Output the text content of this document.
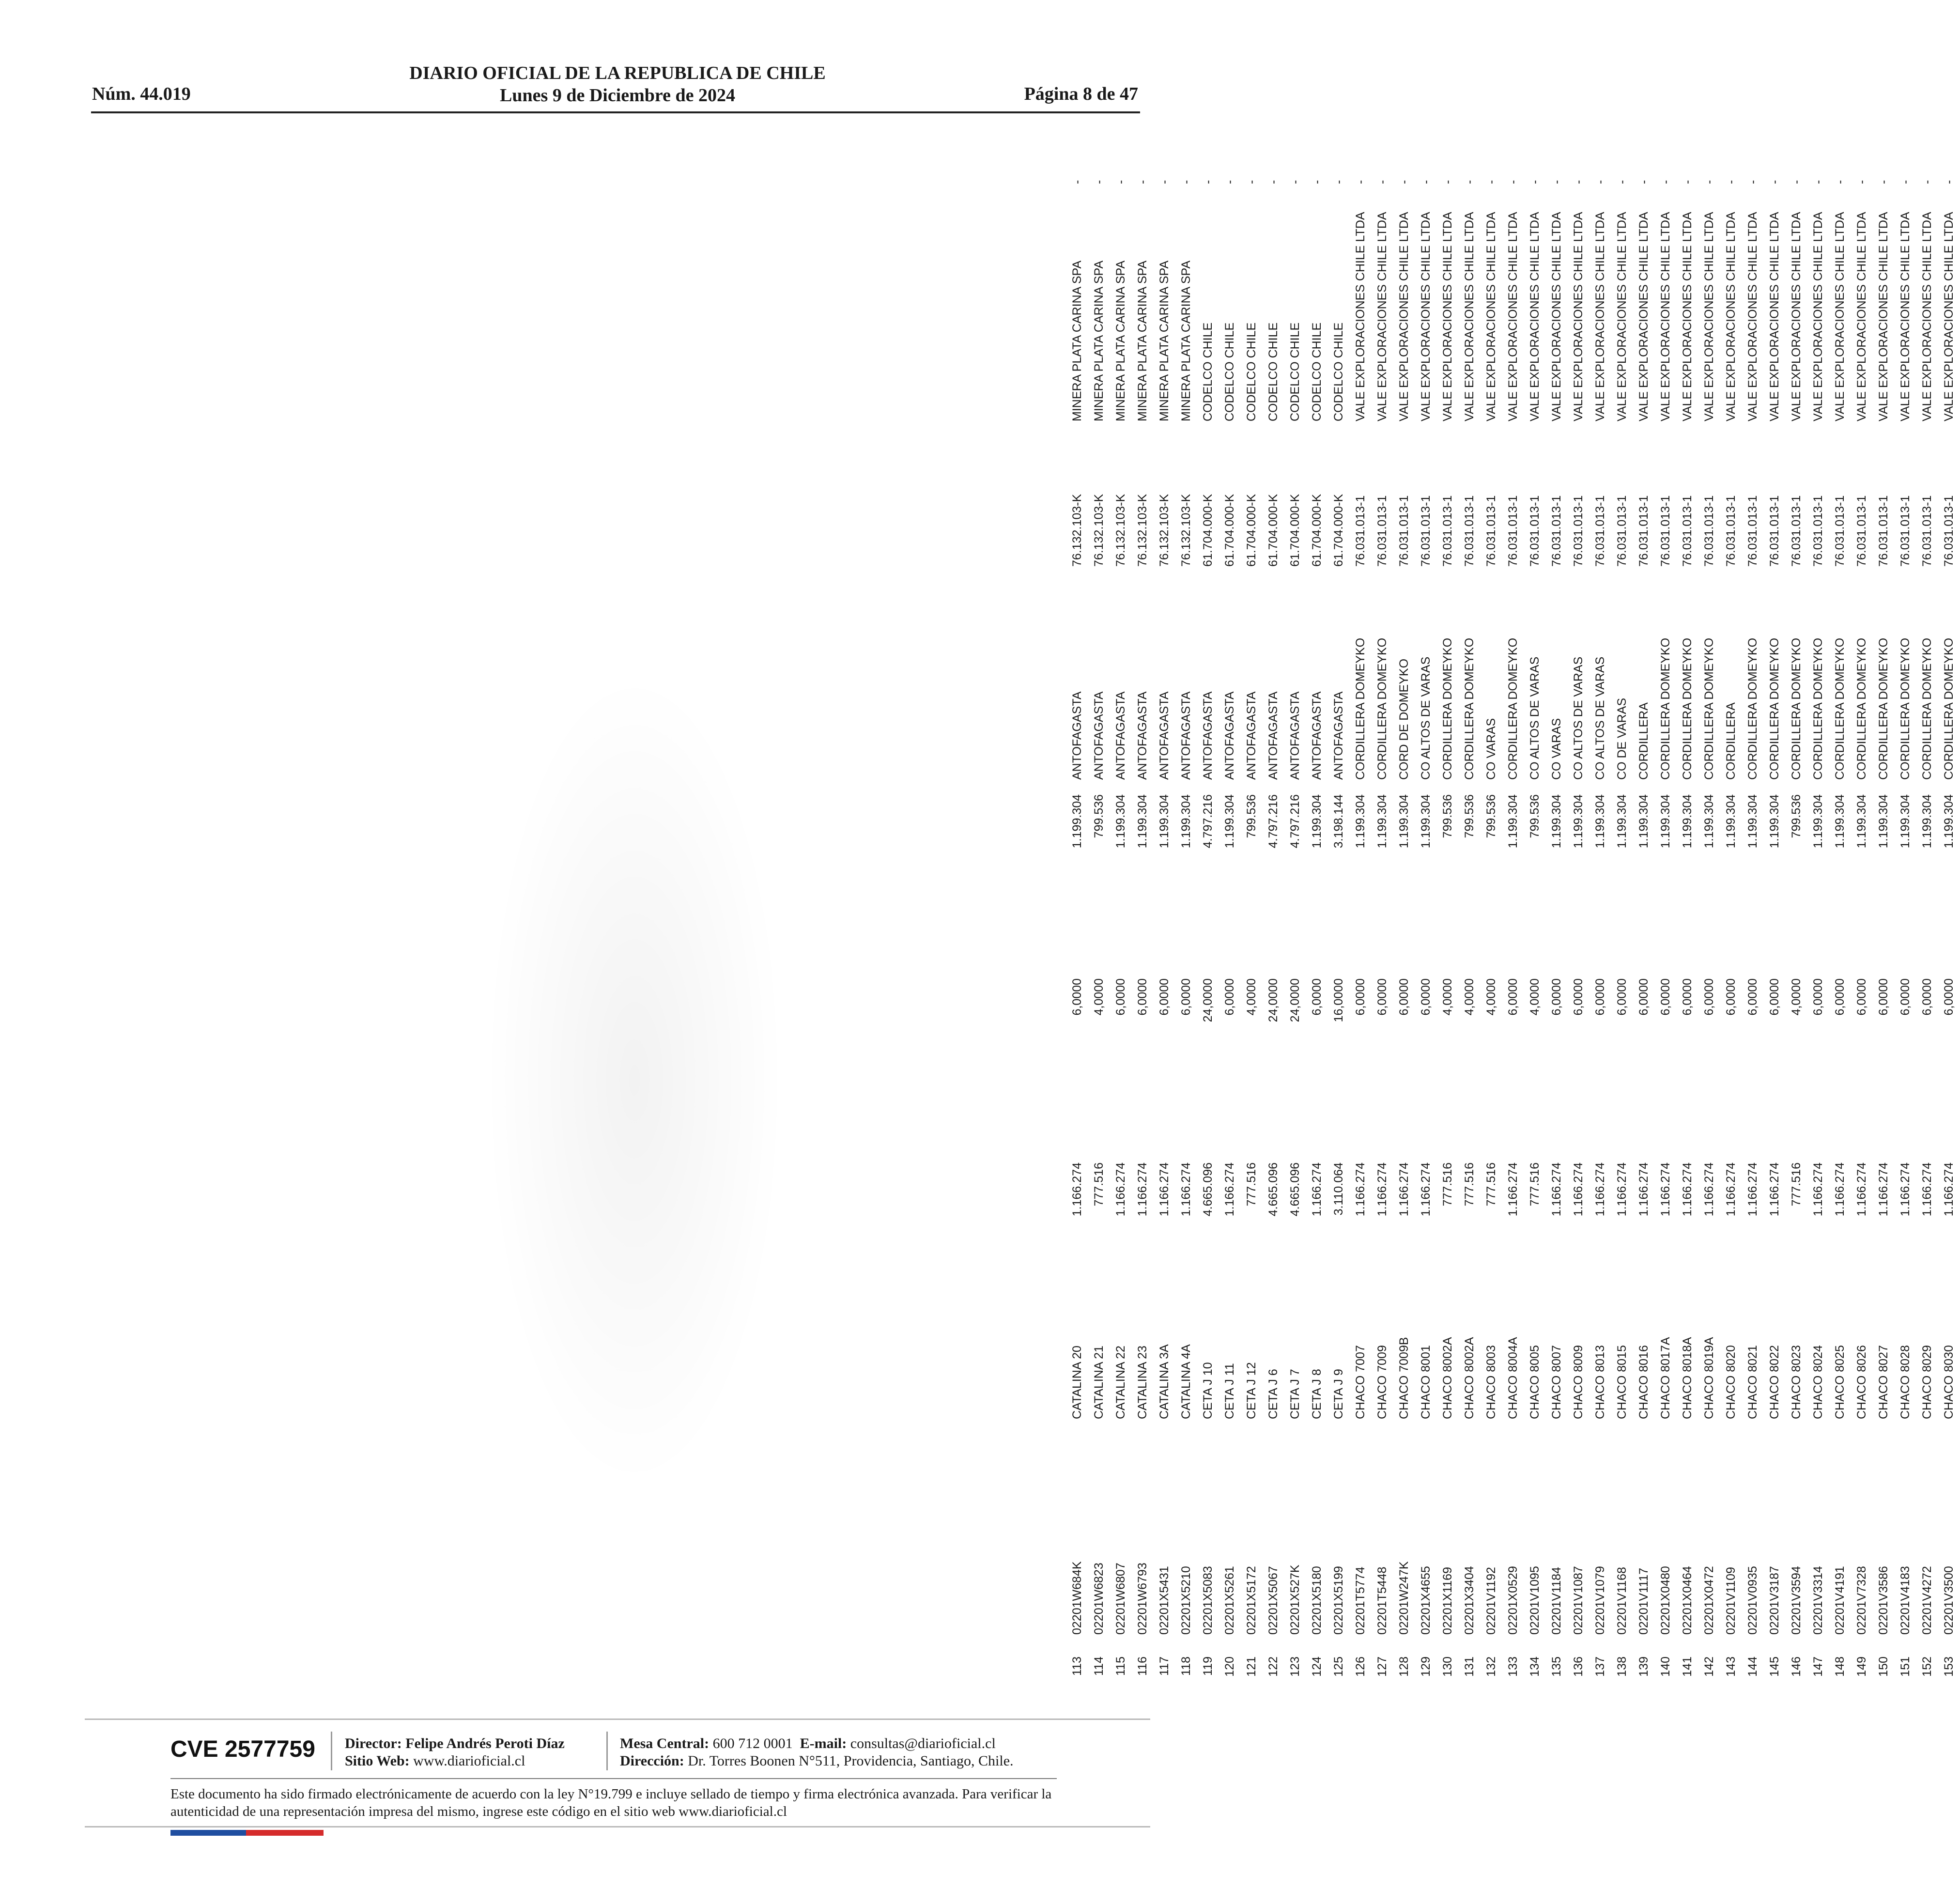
Núm. 44.019
DIARIO OFICIAL DE LA REPUBLICA DE CHILE
Lunes 9 de Diciembre de 2024	Página 8 de 47
113
02201W684K
CATALINA 20
1.166.274
6,0000
1.199.304
ANTOFAGASTA
76.132.103-K
MINERA PLATA CARINA SPA
-
114
02201W6823
CATALINA 21
777.516
4,0000
799.536
ANTOFAGASTA
76.132.103-K
MINERA PLATA CARINA SPA
-
115
02201W6807
CATALINA 22
1.166.274
6,0000
1.199.304
ANTOFAGASTA
76.132.103-K
MINERA PLATA CARINA SPA
-
116
02201W6793
CATALINA 23
1.166.274
6,0000
1.199.304
ANTOFAGASTA
76.132.103-K
MINERA PLATA CARINA SPA
-
117
02201X5431
CATALINA 3A
1.166.274
6,0000
1.199.304
ANTOFAGASTA
76.132.103-K
MINERA PLATA CARINA SPA
-
118
02201X5210
CATALINA 4A
1.166.274
6,0000
1.199.304
ANTOFAGASTA
76.132.103-K
MINERA PLATA CARINA SPA
-
119
02201X5083
CETA J 10
4.665.096
24,0000
4.797.216
ANTOFAGASTA
61.704.000-K
CODELCO CHILE
-
120
02201X5261
CETA J 11
1.166.274
6,0000
1.199.304
ANTOFAGASTA
61.704.000-K
CODELCO CHILE
-
121
02201X5172
CETA J 12
777.516
4,0000
799.536
ANTOFAGASTA
61.704.000-K
CODELCO CHILE
-
122
02201X5067
CETA J 6
4.665.096
24,0000
4.797.216
ANTOFAGASTA
61.704.000-K
CODELCO CHILE
-
123
02201X527K
CETA J 7
4.665.096
24,0000
4.797.216
ANTOFAGASTA
61.704.000-K
CODELCO CHILE
-
124
02201X5180
CETA J 8
1.166.274
6,0000
1.199.304
ANTOFAGASTA
61.704.000-K
CODELCO CHILE
-
125
02201X5199
CETA J 9
3.110.064
16,0000
3.198.144
ANTOFAGASTA
61.704.000-K
CODELCO CHILE
-
126
02201T5774
CHACO 7007
1.166.274
6,0000
1.199.304
CORDILLERA DOMEYKO
76.031.013-1
VALE EXPLORACIONES CHILE LTDA
-
127
02201T5448
CHACO 7009
1.166.274
6,0000
1.199.304
CORDILLERA DOMEYKO
76.031.013-1
VALE EXPLORACIONES CHILE LTDA
-
128
02201W247K
CHACO 7009B
1.166.274
6,0000
1.199.304
CORD DE DOMEYKO
76.031.013-1
VALE EXPLORACIONES CHILE LTDA
-
129
02201X4655
CHACO 8001
1.166.274
6,0000
1.199.304
CO ALTOS DE VARAS
76.031.013-1
VALE EXPLORACIONES CHILE LTDA
-
130
02201X1169
CHACO 8002A
777.516
4,0000
799.536
CORDILLERA DOMEYKO
76.031.013-1
VALE EXPLORACIONES CHILE LTDA
-
131
02201X3404
CHACO 8002A
777.516
4,0000
799.536
CORDILLERA DOMEYKO
76.031.013-1
VALE EXPLORACIONES CHILE LTDA
-
132
02201V1192
CHACO 8003
777.516
4,0000
799.536
CO VARAS
76.031.013-1
VALE EXPLORACIONES CHILE LTDA
-
133
02201X0529
CHACO 8004A
1.166.274
6,0000
1.199.304
CORDILLERA DOMEYKO
76.031.013-1
VALE EXPLORACIONES CHILE LTDA
-
134
02201V1095
CHACO 8005
777.516
4,0000
799.536
CO ALTOS DE VARAS
76.031.013-1
VALE EXPLORACIONES CHILE LTDA
-
135
02201V1184
CHACO 8007
1.166.274
6,0000
1.199.304
CO VARAS
76.031.013-1
VALE EXPLORACIONES CHILE LTDA
-
136
02201V1087
CHACO 8009
1.166.274
6,0000
1.199.304
CO ALTOS DE VARAS
76.031.013-1
VALE EXPLORACIONES CHILE LTDA
-
137
02201V1079
CHACO 8013
1.166.274
6,0000
1.199.304
CO ALTOS DE VARAS
76.031.013-1
VALE EXPLORACIONES CHILE LTDA
-
138
02201V1168
CHACO 8015
1.166.274
6,0000
1.199.304
CO DE VARAS
76.031.013-1
VALE EXPLORACIONES CHILE LTDA
-
139
02201V1117
CHACO 8016
1.166.274
6,0000
1.199.304
CORDILLERA
76.031.013-1
VALE EXPLORACIONES CHILE LTDA
-
140
02201X0480
CHACO 8017A
1.166.274
6,0000
1.199.304
CORDILLERA DOMEYKO
76.031.013-1
VALE EXPLORACIONES CHILE LTDA
-
141
02201X0464
CHACO 8018A
1.166.274
6,0000
1.199.304
CORDILLERA DOMEYKO
76.031.013-1
VALE EXPLORACIONES CHILE LTDA
-
142
02201X0472
CHACO 8019A
1.166.274
6,0000
1.199.304
CORDILLERA DOMEYKO
76.031.013-1
VALE EXPLORACIONES CHILE LTDA
-
143
02201V1109
CHACO 8020
1.166.274
6,0000
1.199.304
CORDILLERA
76.031.013-1
VALE EXPLORACIONES CHILE LTDA
-
144
02201V0935
CHACO 8021
1.166.274
6,0000
1.199.304
CORDILLERA DOMEYKO
76.031.013-1
VALE EXPLORACIONES CHILE LTDA
-
145
02201V3187
CHACO 8022
1.166.274
6,0000
1.199.304
CORDILLERA DOMEYKO
76.031.013-1
VALE EXPLORACIONES CHILE LTDA
-
146
02201V3594
CHACO 8023
777.516
4,0000
799.536
CORDILLERA DOMEYKO
76.031.013-1
VALE EXPLORACIONES CHILE LTDA
-
147
02201V3314
CHACO 8024
1.166.274
6,0000
1.199.304
CORDILLERA DOMEYKO
76.031.013-1
VALE EXPLORACIONES CHILE LTDA
-
148
02201V4191
CHACO 8025
1.166.274
6,0000
1.199.304
CORDILLERA DOMEYKO
76.031.013-1
VALE EXPLORACIONES CHILE LTDA
-
149
02201V7328
CHACO 8026
1.166.274
6,0000
1.199.304
CORDILLERA DOMEYKO
76.031.013-1
VALE EXPLORACIONES CHILE LTDA
-
150
02201V3586
CHACO 8027
1.166.274
6,0000
1.199.304
CORDILLERA DOMEYKO
76.031.013-1
VALE EXPLORACIONES CHILE LTDA
-
151
02201V4183
CHACO 8028
1.166.274
6,0000
1.199.304
CORDILLERA DOMEYKO
76.031.013-1
VALE EXPLORACIONES CHILE LTDA
-
152
02201V4272
CHACO 8029
1.166.274
6,0000
1.199.304
CORDILLERA DOMEYKO
76.031.013-1
VALE EXPLORACIONES CHILE LTDA
-
153
02201V3500
CHACO 8030
1.166.274
6,0000
1.199.304
CORDILLERA DOMEYKO
76.031.013-1
VALE EXPLORACIONES CHILE LTDA
-
CVE 2577759 Director: Felipe Andrés Peroti Díaz
Sitio Web: www.diarioficial.cl
Mesa Central: 600 712 0001 E-mail: consultas@diarioficial.cl
Dirección: Dr. Torres Boonen N°511, Providencia, Santiago, Chile.
Este documento ha sido firmado electrónicamente de acuerdo con la ley N°19.799 e incluye sellado de tiempo y firma electrónica avanzada. Para verificar la autenticidad de una representación impresa del mismo, ingrese este código en el sitio web www.diarioficial.cl
